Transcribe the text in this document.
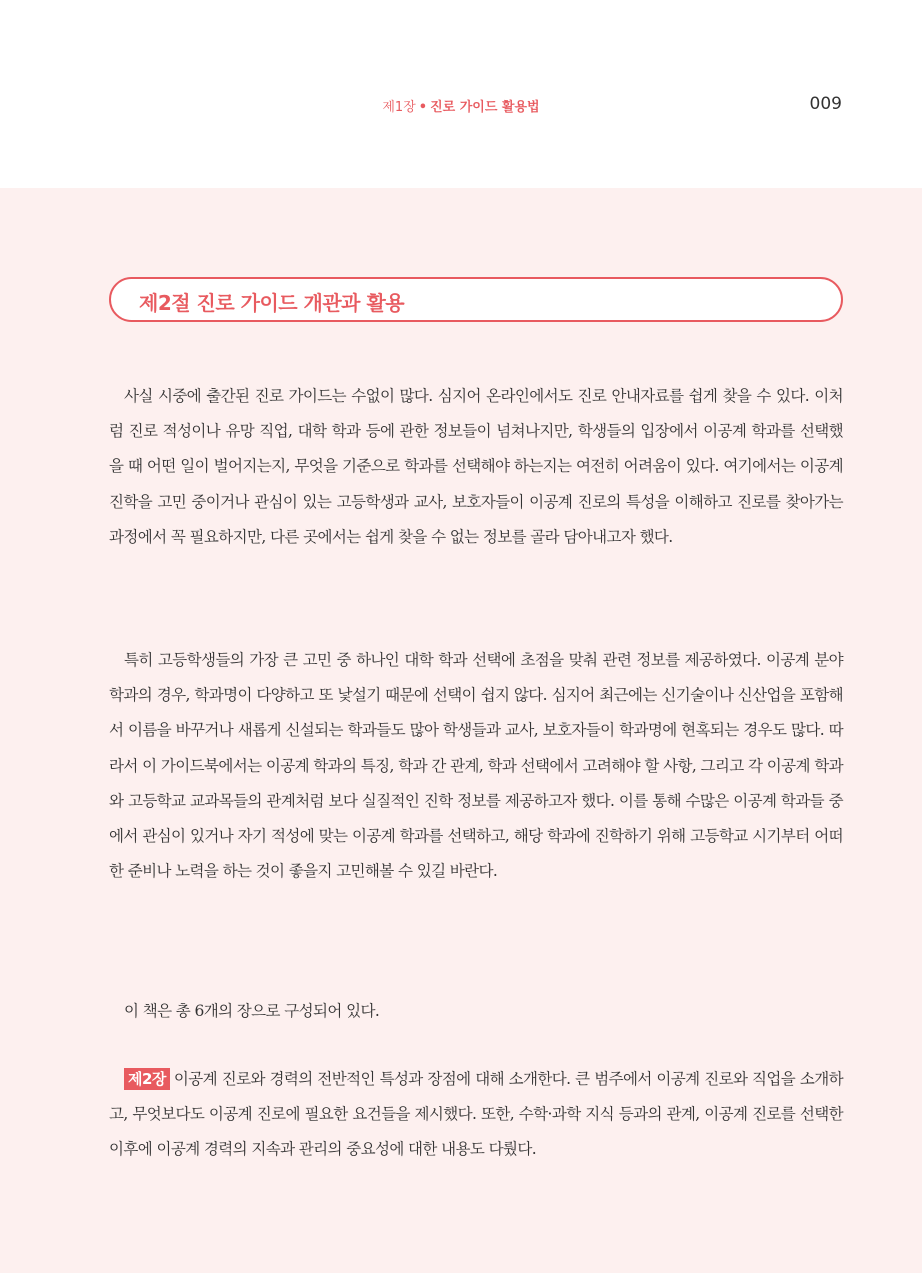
제1장 • 진로 가이드 활용법	009
제2절 진로 가이드 개관과 활용

사실 시중에 출간된 진로 가이드는 수없이 많다. 심지어 온라인에서도 진로 안내자료를 쉽게 찾을 수 있다. 이처럼 진로 적성이나 유망 직업, 대학 학과 등에 관한 정보들이 넘쳐나지만, 학생들의 입장에서 이공계 학과를 선택했을 때 어떤 일이 벌어지는지, 무엇을 기준으로 학과를 선택해야 하는지는 여전히 어려움이 있다. 여기에서는 이공계 진학을 고민 중이거나 관심이 있는 고등학생과 교사, 보호자들이 이공계 진로의 특성을 이해하고 진로를 찾아가는 과정에서 꼭 필요하지만, 다른 곳에서는 쉽게 찾을 수 없는 정보를 골라 담아내고자 했다.

특히 고등학생들의 가장 큰 고민 중 하나인 대학 학과 선택에 초점을 맞춰 관련 정보를 제공하였다. 이공계 분야 학과의 경우, 학과명이 다양하고 또 낯설기 때문에 선택이 쉽지 않다. 심지어 최근에는 신기술이나 신산업을 포함해서 이름을 바꾸거나 새롭게 신설되는 학과들도 많아 학생들과 교사, 보호자들이 학과명에 현혹되는 경우도 많다. 따라서 이 가이드북에서는 이공계 학과의 특징, 학과 간 관계, 학과 선택에서 고려해야 할 사항, 그리고 각 이공계 학과와 고등학교 교과목들의 관계처럼 보다 실질적인 진학 정보를 제공하고자 했다. 이를 통해 수많은 이공계 학과들 중에서 관심이 있거나 자기 적성에 맞는 이공계 학과를 선택하고, 해당 학과에 진학하기 위해 고등학교 시기부터 어떠한 준비나 노력을 하는 것이 좋을지 고민해볼 수 있길 바란다.

이 책은 총 6개의 장으로 구성되어 있다.

제2장 이공계 진로와 경력의 전반적인 특성과 장점에 대해 소개한다. 큰 범주에서 이공계 진로와 직업을 소개하고, 무엇보다도 이공계 진로에 필요한 요건들을 제시했다. 또한, 수학·과학 지식 등과의 관계, 이공계 진로를 선택한 이후에 이공계 경력의 지속과 관리의 중요성에 대한 내용도 다뤘다.
